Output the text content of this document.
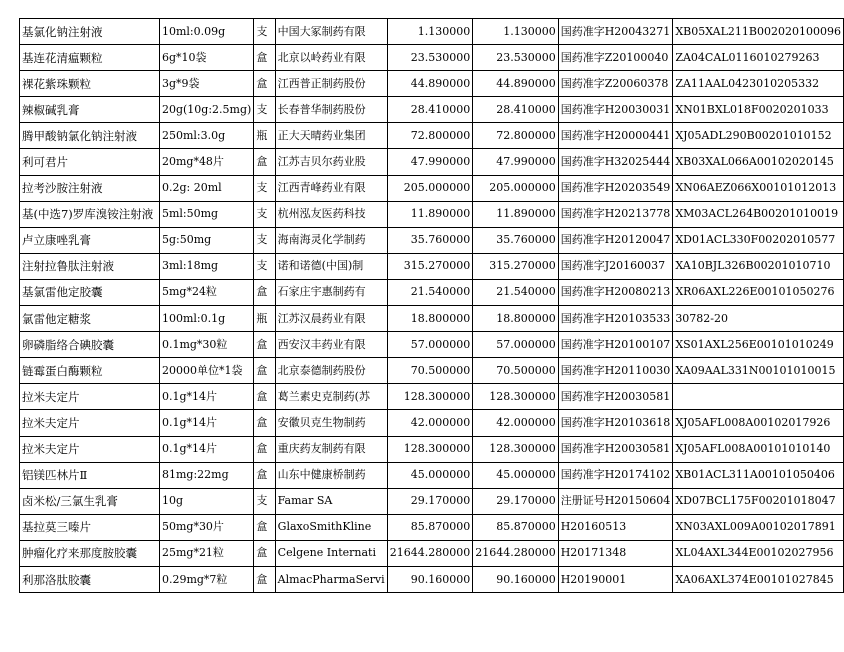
基氯化钠注射液	10ml:0.09g	支	中国大冢制药有限	1.130000	1.130000	国药准字H20043271	XB05XAL211B002020100096
基连花清瘟颗粒	6g*10袋	盒	北京以岭药业有限	23.530000	23.530000	国药准字Z20100040	ZA04CAL0116010279263
裸花紫珠颗粒	3g*9袋	盒	江西普正制药股份	44.890000	44.890000	国药准字Z20060378	ZA11AAL0423010205332
辣椒碱乳膏	20g(10g:2.5mg)	支	长春普华制药股份	28.410000	28.410000	国药准字H20030031	XN01BXL018F0020201033
腾甲酸钠氯化钠注射液	250ml:3.0g	瓶	正大天晴药业集团	72.800000	72.800000	国药准字H20000441	XJ05ADL290B00201010152
利可君片	20mg*48片	盒	江苏吉贝尔药业股	47.990000	47.990000	国药准字H32025444	XB03XAL066A00102020145
拉考沙胺注射液	0.2g: 20ml	支	江西青峰药业有限	205.000000	205.000000	国药准字H20203549	XN06AEZ066X00101012013
基(中选7)罗库溴铵注射液	5ml:50mg	支	杭州泓友医药科技	11.890000	11.890000	国药准字H20213778	XM03ACL264B00201010019
卢立康唑乳膏	5g:50mg	支	海南海灵化学制药	35.760000	35.760000	国药准字H20120047	XD01ACL330F00202010577
注射拉鲁肽注射液	3ml:18mg	支	诺和诺德(中国)制	315.270000	315.270000	国药准字J20160037	XA10BJL326B00201010710
基氯雷他定胶囊	5mg*24粒	盒	石家庄宇惠制药有	21.540000	21.540000	国药准字H20080213	XR06AXL226E00101050276
氯雷他定糖浆	100ml:0.1g	瓶	江苏汉晨药业有限	18.800000	18.800000	国药准字H20103533	30782-20
卵磷脂络合碘胶囊	0.1mg*30粒	盒	西安汉丰药业有限	57.000000	57.000000	国药准字H20100107	XS01AXL256E00101010249
链霉蛋白酶颗粒	20000单位*1袋	盒	北京泰德制药股份	70.500000	70.500000	国药准字H20110030	XA09AAL331N00101010015
拉米夫定片	0.1g*14片	盒	葛兰素史克制药(苏	128.300000	128.300000	国药准字H20030581	
拉米夫定片	0.1g*14片	盒	安徽贝克生物制药	42.000000	42.000000	国药准字H20103618	XJ05AFL008A00102017926
拉米夫定片	0.1g*14片	盒	重庆药友制药有限	128.300000	128.300000	国药准字H20030581	XJ05AFL008A00101010140
铝镁匹林片Ⅱ	81mg:22mg	盒	山东中健康桥制药	45.000000	45.000000	国药准字H20174102	XB01ACL311A00101050406
卤米松/三氯生乳膏	10g	支	Famar SA	29.170000	29.170000	注册证号H20150604	XD07BCL175F00201018047
基拉莫三嗪片	50mg*30片	盒	GlaxoSmithKline	85.870000	85.870000	H20160513	XN03AXL009A00102017891
肿瘤化疗来那度胺胶囊	25mg*21粒	盒	Celgene Internati	21644.280000	21644.280000	H20171348	XL04AXL344E00102027956
利那洛肽胶囊	0.29mg*7粒	盒	AlmacPharmaServi	90.160000	90.160000	H20190001	XA06AXL374E00101027845
